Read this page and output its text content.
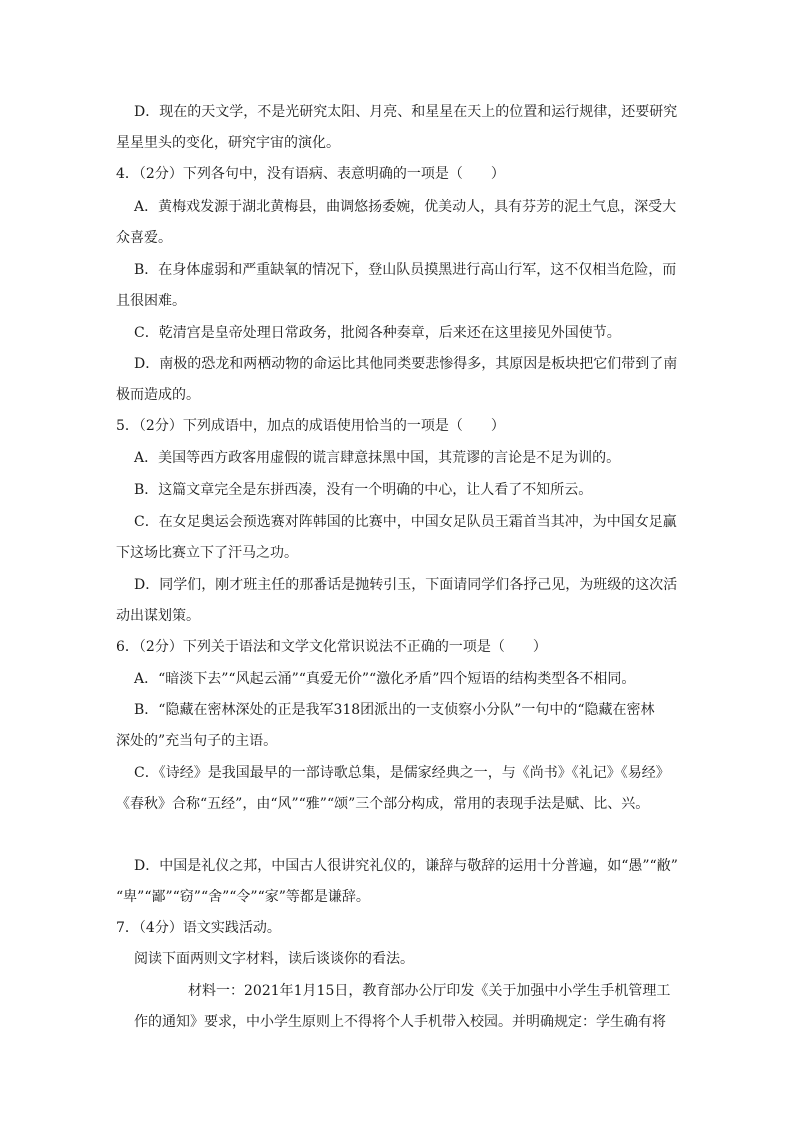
D．现在的天文学，不是光研究太阳、月亮、和星星在天上的位置和运行规律，还要研究
星星里头的变化，研究宇宙的演化。
4．（2分）下列各句中，没有语病、表意明确的一项是（　　）
A．黄梅戏发源于湖北黄梅县，曲调悠扬委婉，优美动人，具有芬芳的泥土气息，深受大
众喜爱。
B．在身体虚弱和严重缺氧的情况下，登山队员摸黑进行高山行军，这不仅相当危险，而
且很困难。
C．乾清宫是皇帝处理日常政务，批阅各种奏章，后来还在这里接见外国使节。
D．南极的恐龙和两栖动物的命运比其他同类要悲惨得多，其原因是板块把它们带到了南
极而造成的。
5．（2分）下列成语中，加点的成语使用恰当的一项是（　　）
A．美国等西方政客用虚假的谎言肆意抹黑中国，其荒谬的言论是不足为训的。
B．这篇文章完全是东拼西凑，没有一个明确的中心，让人看了不知所云。
C．在女足奥运会预选赛对阵韩国的比赛中，中国女足队员王霜首当其冲，为中国女足赢
下这场比赛立下了汗马之功。
D．同学们，刚才班主任的那番话是抛转引玉，下面请同学们各抒己见，为班级的这次活
动出谋划策。
6．（2分）下列关于语法和文学文化常识说法不正确的一项是（　　）
A．“暗淡下去”“风起云涌”“真爱无价”“激化矛盾”四个短语的结构类型各不相同。
B．“隐藏在密林深处的正是我军318团派出的一支侦察小分队”一句中的“隐藏在密林
深处的”充当句子的主语。
C．《诗经》是我国最早的一部诗歌总集，是儒家经典之一，与《尚书》《礼记》《易经》
《春秋》合称“五经”，由“风”“雅”“颂”三个部分构成，常用的表现手法是赋、比、兴。
D．中国是礼仪之邦，中国古人很讲究礼仪的，谦辞与敬辞的运用十分普遍，如“愚”“敝”
“卑”“鄙”“窃”“舍”“令”“家”等都是谦辞。
7．（4分）语文实践活动。
阅读下面两则文字材料，读后谈谈你的看法。
材料一：2021年1月15日，教育部办公厅印发《关于加强中小学生手机管理工
作的通知》要求，中小学生原则上不得将个人手机带入校园。并明确规定：学生确有将
